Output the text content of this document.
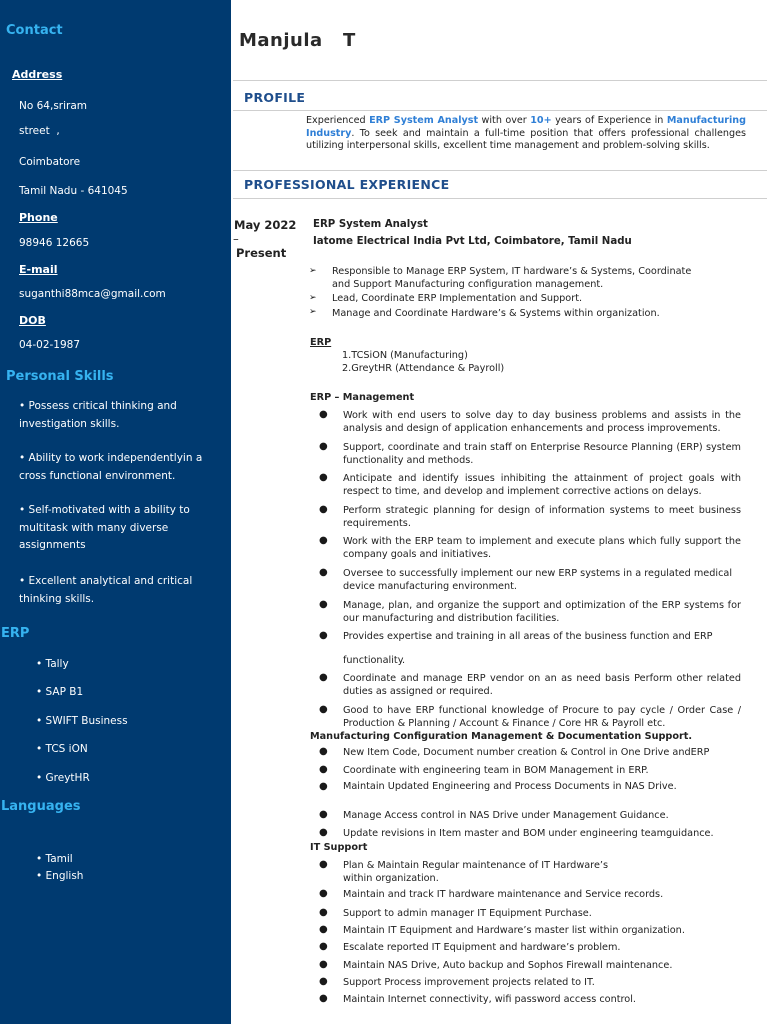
Contact
Address
No 64,sriram
street  ,
Coimbatore
Tamil Nadu - 641045
Phone
98946 12665
E-mail
suganthi88mca@gmail.com
DOB
04-02-1987
Personal Skills
• Possess critical thinking and investigation skills.
• Ability to work independentlyin a cross functional environment.
• Self-motivated with a ability to multitask with many diverse assignments
• Excellent analytical and critical thinking skills.
ERP
• Tally
• SAP B1
• SWIFT Business
• TCS iON
• GreytHR
Languages
• Tamil
• English
Manjula   T
PROFILE
Experienced ERP System Analyst with over 10+ years of Experience in Manufacturing Industry. To seek and maintain a full-time position that offers professional challenges utilizing interpersonal skills, excellent time management and problem-solving skills.
PROFESSIONAL EXPERIENCE
May 2022
–
Present
ERP System Analyst
Iatome Electrical India Pvt Ltd, Coimbatore, Tamil Nadu
➢ Responsible to Manage ERP System, IT hardware’s & Systems, Coordinate
and Support Manufacturing configuration management.
➢ Lead, Coordinate ERP Implementation and Support.
➢ Manage and Coordinate Hardware’s & Systems within organization.
ERP
1.TCSiON (Manufacturing)
2.GreytHR (Attendance & Payroll)
ERP – Management
● Work with end users to solve day to day business problems and assists in the analysis and design of application enhancements and process improvements.
● Support, coordinate and train staff on Enterprise Resource Planning (ERP) system functionality and methods.
● Anticipate and identify issues inhibiting the attainment of project goals with respect to time, and develop and implement corrective actions on delays.
● Perform strategic planning for design of information systems to meet business requirements.
● Work with the ERP team to implement and execute plans which fully support the company goals and initiatives.
● Oversee to successfully implement our new ERP systems in a regulated medical device manufacturing environment.
● Manage, plan, and organize the support and optimization of the ERP systems for our manufacturing and distribution facilities.
● Provides expertise and training in all areas of the business function and ERP
functionality.
● Coordinate and manage ERP vendor on an as need basis Perform other related duties as assigned or required.
● Good to have ERP functional knowledge of Procure to pay cycle / Order Case / Production & Planning / Account & Finance / Core HR & Payroll etc.
Manufacturing Configuration Management & Documentation Support.
● New Item Code, Document number creation & Control in One Drive andERP
● Coordinate with engineering team in BOM Management in ERP.
● Maintain Updated Engineering and Process Documents in NAS Drive.
● Manage Access control in NAS Drive under Management Guidance.
● Update revisions in Item master and BOM under engineering teamguidance.
IT Support
● Plan & Maintain Regular maintenance of IT Hardware’s
within organization.
● Maintain and track IT hardware maintenance and Service records.
● Support to admin manager IT Equipment Purchase.
● Maintain IT Equipment and Hardware’s master list within organization.
● Escalate reported IT Equipment and hardware’s problem.
● Maintain NAS Drive, Auto backup and Sophos Firewall maintenance.
● Support Process improvement projects related to IT.
● Maintain Internet connectivity, wifi password access control.
